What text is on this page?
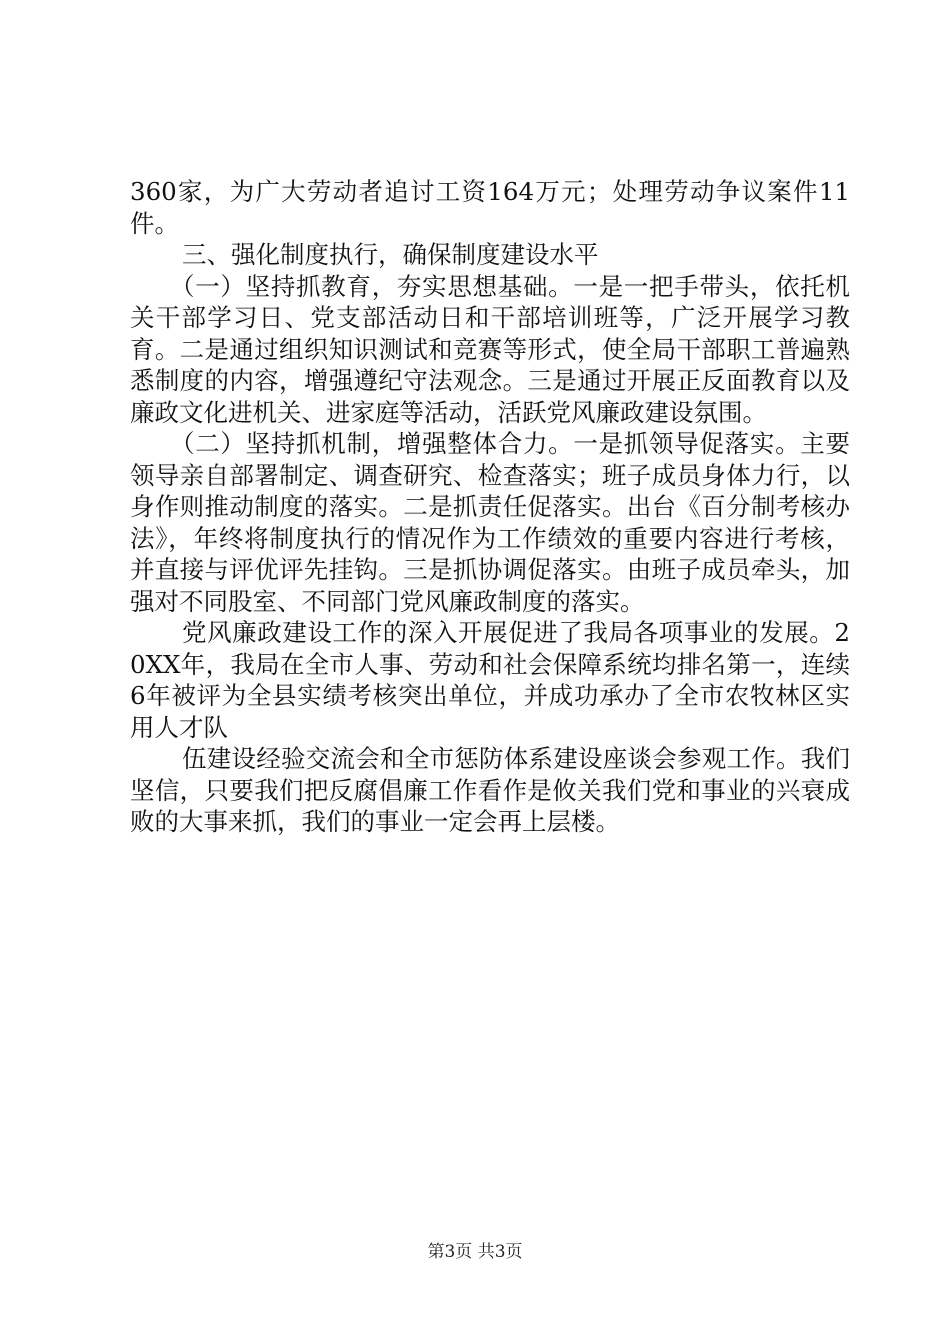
360家，为广大劳动者追讨工资164万元；处理劳动争议案件11件。

三、强化制度执行，确保制度建设水平

（一）坚持抓教育，夯实思想基础。一是一把手带头，依托机关干部学习日、党支部活动日和干部培训班等，广泛开展学习教育。二是通过组织知识测试和竞赛等形式，使全局干部职工普遍熟悉制度的内容，增强遵纪守法观念。三是通过开展正反面教育以及廉政文化进机关、进家庭等活动，活跃党风廉政建设氛围。

（二）坚持抓机制，增强整体合力。一是抓领导促落实。主要领导亲自部署制定、调查研究、检查落实；班子成员身体力行，以身作则推动制度的落实。二是抓责任促落实。出台《百分制考核办法》，年终将制度执行的情况作为工作绩效的重要内容进行考核，并直接与评优评先挂钩。三是抓协调促落实。由班子成员牵头，加强对不同股室、不同部门党风廉政制度的落实。

党风廉政建设工作的深入开展促进了我局各项事业的发展。20XX年，我局在全市人事、劳动和社会保障系统均排名第一，连续6年被评为全县实绩考核突出单位，并成功承办了全市农牧林区实用人才队

伍建设经验交流会和全市惩防体系建设座谈会参观工作。我们坚信，只要我们把反腐倡廉工作看作是攸关我们党和事业的兴衰成败的大事来抓，我们的事业一定会再上层楼。

第3页 共3页
